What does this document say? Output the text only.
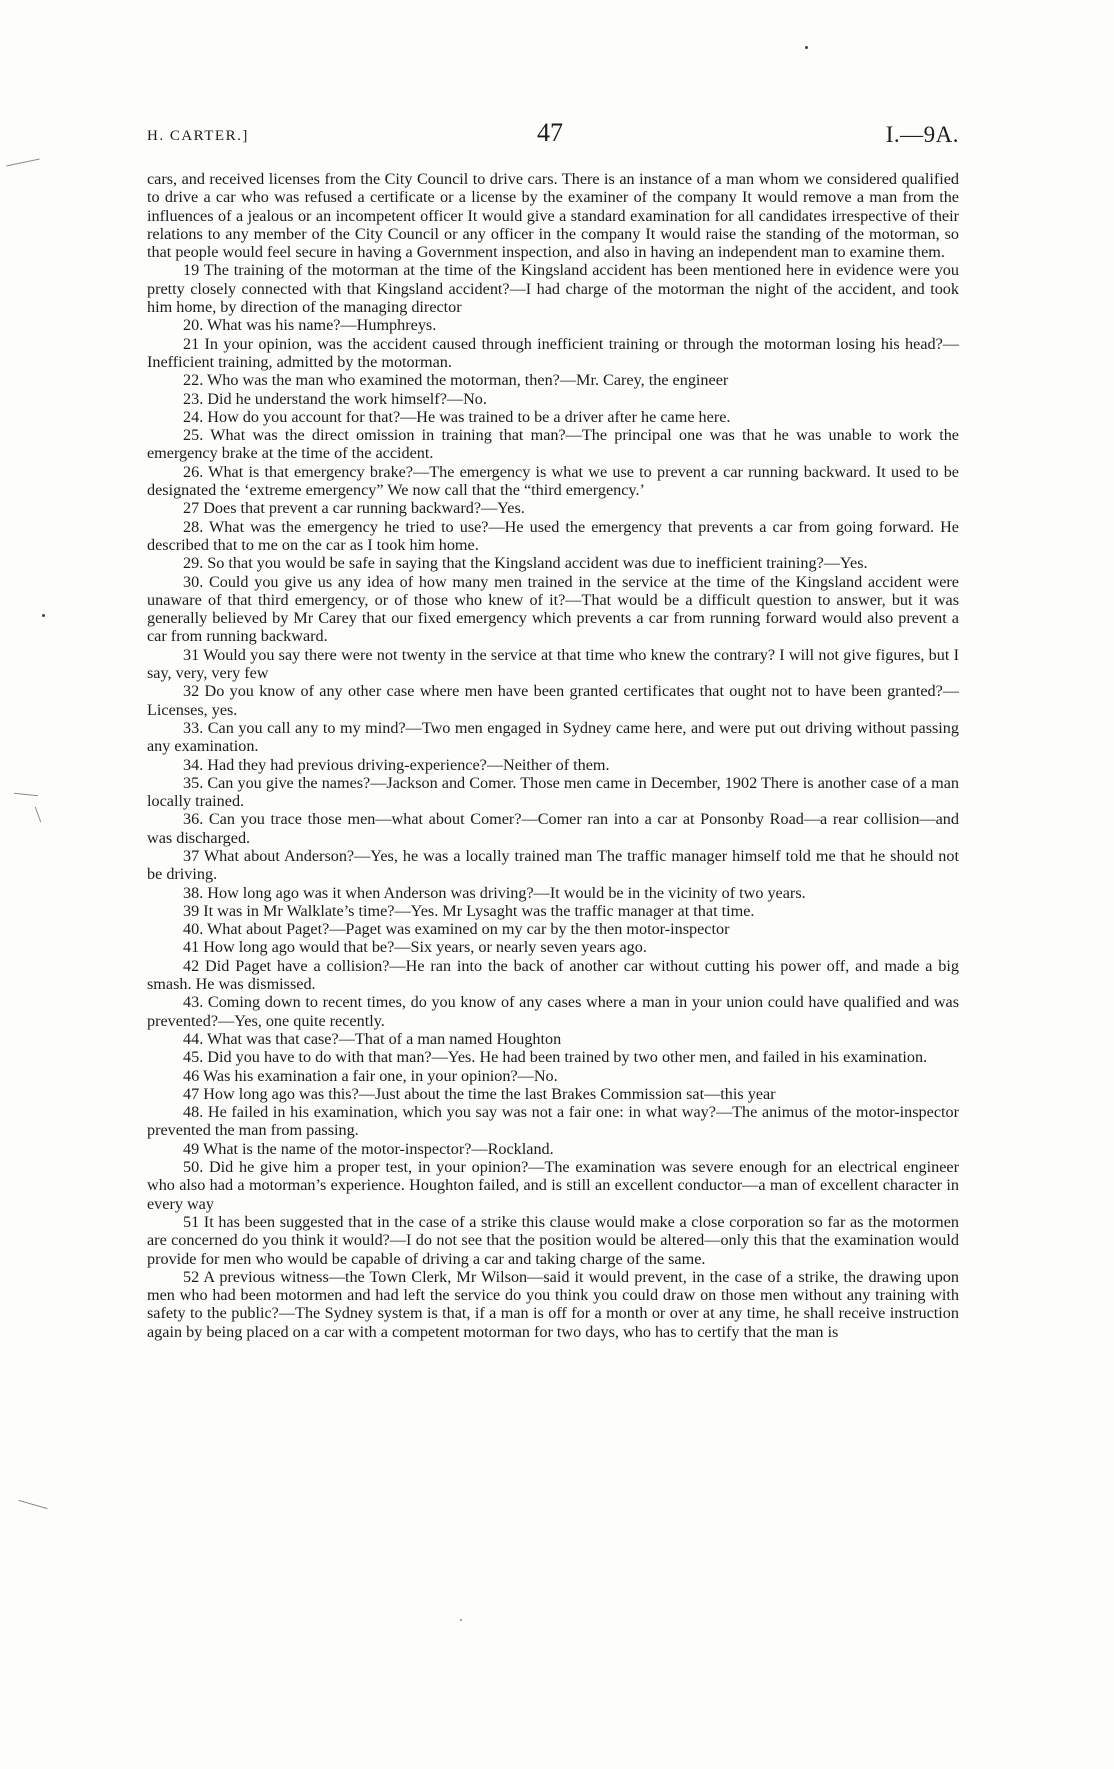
H. CARTER.]	47	I.—9A.

cars, and received licenses from the City Council to drive cars. There is an instance of a man whom we considered qualified to drive a car who was refused a certificate or a license by the examiner of the company It would remove a man from the influences of a jealous or an incompetent officer It would give a standard examination for all candidates irrespective of their relations to any member of the City Council or any officer in the company It would raise the standing of the motorman, so that people would feel secure in having a Government inspection, and also in having an independent man to examine them.

19 The training of the motorman at the time of the Kingsland accident has been mentioned here in evidence were you pretty closely connected with that Kingsland accident?—I had charge of the motorman the night of the accident, and took him home, by direction of the managing director

20. What was his name?—Humphreys.

21 In your opinion, was the accident caused through inefficient training or through the motorman losing his head?—Inefficient training, admitted by the motorman.

22. Who was the man who examined the motorman, then?—Mr. Carey, the engineer

23. Did he understand the work himself?—No.

24. How do you account for that?—He was trained to be a driver after he came here.

25. What was the direct omission in training that man?—The principal one was that he was unable to work the emergency brake at the time of the accident.

26. What is that emergency brake?—The emergency is what we use to prevent a car running backward. It used to be designated the ‘extreme emergency” We now call that the “third emergency.’

27 Does that prevent a car running backward?—Yes.

28. What was the emergency he tried to use?—He used the emergency that prevents a car from going forward. He described that to me on the car as I took him home.

29. So that you would be safe in saying that the Kingsland accident was due to inefficient training?—Yes.

30. Could you give us any idea of how many men trained in the service at the time of the Kingsland accident were unaware of that third emergency, or of those who knew of it?—That would be a difficult question to answer, but it was generally believed by Mr Carey that our fixed emergency which prevents a car from running forward would also prevent a car from running backward.

31 Would you say there were not twenty in the service at that time who knew the contrary? I will not give figures, but I say, very, very few

32 Do you know of any other case where men have been granted certificates that ought not to have been granted?—Licenses, yes.

33. Can you call any to my mind?—Two men engaged in Sydney came here, and were put out driving without passing any examination.

34. Had they had previous driving-experience?—Neither of them.

35. Can you give the names?—Jackson and Comer. Those men came in December, 1902 There is another case of a man locally trained.

36. Can you trace those men—what about Comer?—Comer ran into a car at Ponsonby Road—a rear collision—and was discharged.

37 What about Anderson?—Yes, he was a locally trained man The traffic manager himself told me that he should not be driving.

38. How long ago was it when Anderson was driving?—It would be in the vicinity of two years.

39 It was in Mr Walklate’s time?—Yes. Mr Lysaght was the traffic manager at that time.

40. What about Paget?—Paget was examined on my car by the then motor-inspector

41 How long ago would that be?—Six years, or nearly seven years ago.

42 Did Paget have a collision?—He ran into the back of another car without cutting his power off, and made a big smash. He was dismissed.

43. Coming down to recent times, do you know of any cases where a man in your union could have qualified and was prevented?—Yes, one quite recently.

44. What was that case?—That of a man named Houghton

45. Did you have to do with that man?—Yes. He had been trained by two other men, and failed in his examination.

46 Was his examination a fair one, in your opinion?—No.

47 How long ago was this?—Just about the time the last Brakes Commission sat—this year

48. He failed in his examination, which you say was not a fair one: in what way?—The animus of the motor-inspector prevented the man from passing.

49 What is the name of the motor-inspector?—Rockland.

50. Did he give him a proper test, in your opinion?—The examination was severe enough for an electrical engineer who also had a motorman’s experience. Houghton failed, and is still an excellent conductor—a man of excellent character in every way

51 It has been suggested that in the case of a strike this clause would make a close corporation so far as the motormen are concerned do you think it would?—I do not see that the position would be altered—only this that the examination would provide for men who would be capable of driving a car and taking charge of the same.

52 A previous witness—the Town Clerk, Mr Wilson—said it would prevent, in the case of a strike, the drawing upon men who had been motormen and had left the service do you think you could draw on those men without any training with safety to the public?—The Sydney system is that, if a man is off for a month or over at any time, he shall receive instruction again by being placed on a car with a competent motorman for two days, who has to certify that the man is
